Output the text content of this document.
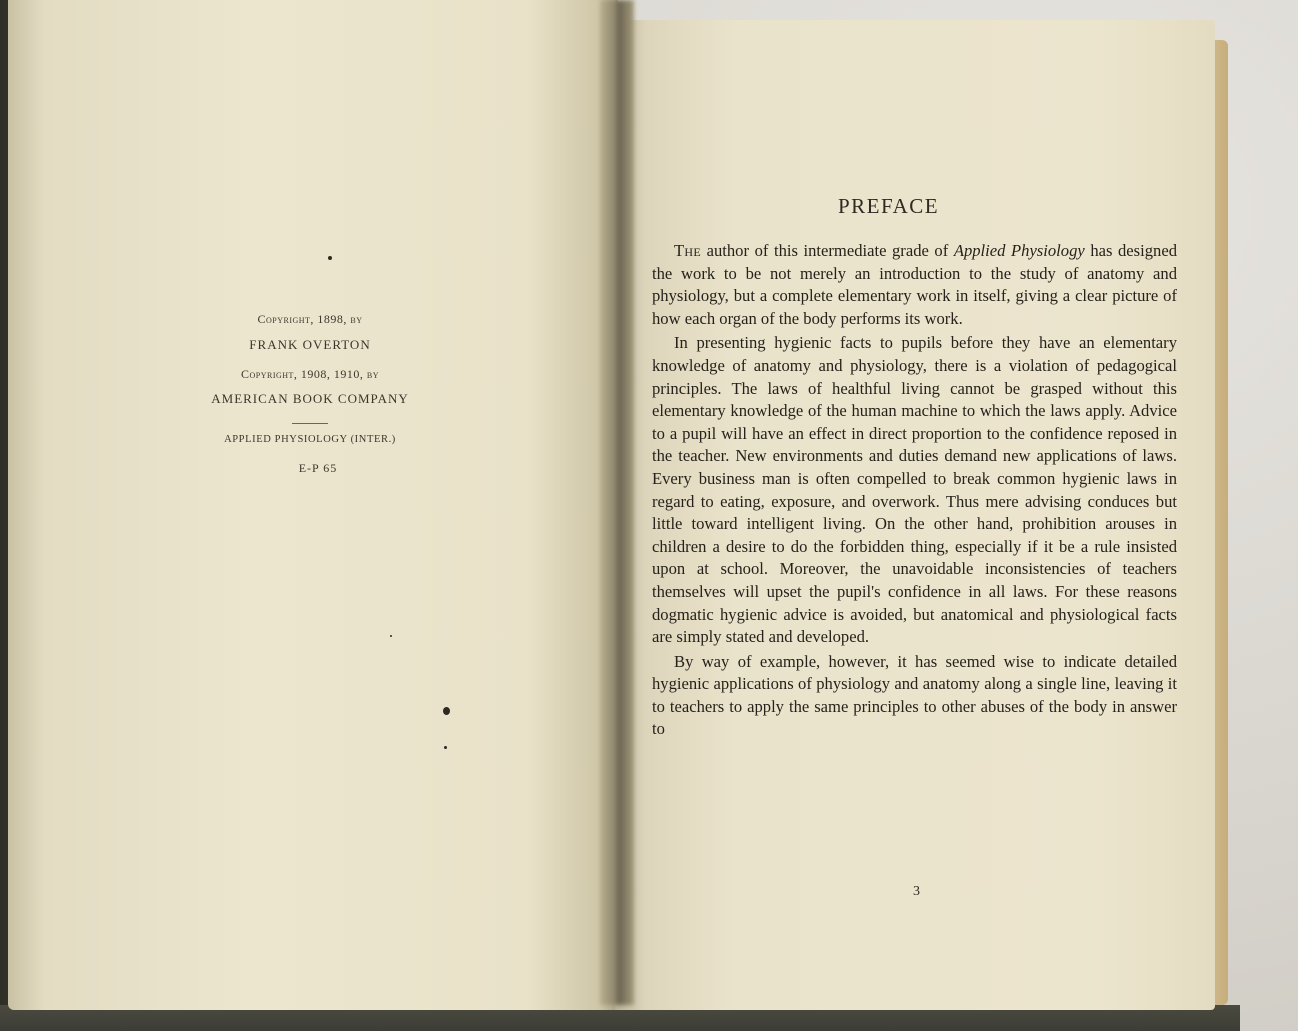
Copyright, 1898, by
FRANK OVERTON
Copyright, 1908, 1910, by
AMERICAN BOOK COMPANY
APPLIED PHYSIOLOGY (INTER.)
E-P 65
PREFACE

The author of this intermediate grade of Applied Physiology has designed the work to be not merely an introduction to the study of anatomy and physiology, but a complete elementary work in itself, giving a clear picture of how each organ of the body performs its work.

In presenting hygienic facts to pupils before they have an elementary knowledge of anatomy and physiology, there is a violation of pedagogical principles. The laws of healthful living cannot be grasped without this elementary knowledge of the human machine to which the laws apply. Advice to a pupil will have an effect in direct proportion to the confidence reposed in the teacher. New environments and duties demand new applications of laws. Every business man is often compelled to break common hygienic laws in regard to eating, exposure, and overwork. Thus mere advising conduces but little toward intelligent living. On the other hand, prohibition arouses in children a desire to do the forbidden thing, especially if it be a rule insisted upon at school. Moreover, the unavoidable inconsistencies of teachers themselves will upset the pupil's confidence in all laws. For these reasons dogmatic hygienic advice is avoided, but anatomical and physiological facts are simply stated and developed.

By way of example, however, it has seemed wise to indicate detailed hygienic applications of physiology and anatomy along a single line, leaving it to teachers to apply the same principles to other abuses of the body in answer to

3
